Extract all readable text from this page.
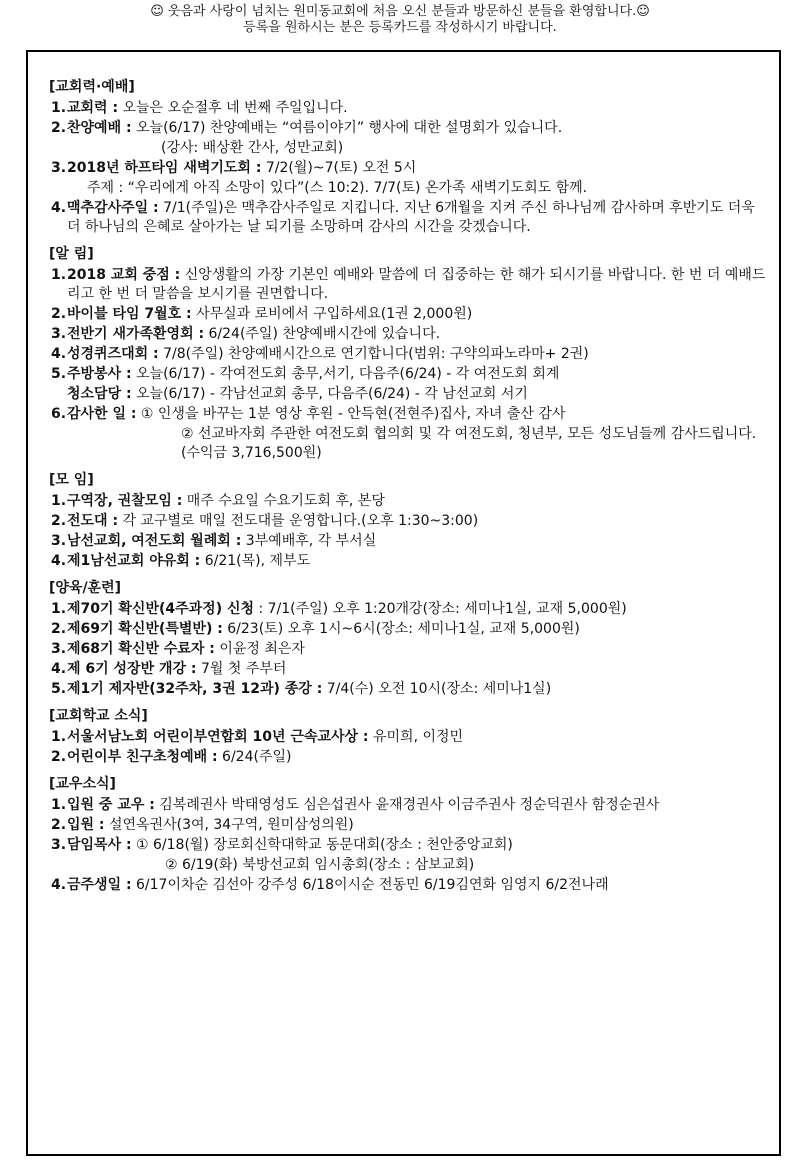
☺ 웃음과 사랑이 넘치는 원미동교회에 처음 오신 분들과 방문하신 분들을 환영합니다.☺
등록을 원하시는 분은 등록카드를 작성하시기 바랍니다.
[교회력·예배]
1. 교회력 : 오늘은 오순절후 네 번째 주일입니다.
2. 찬양예배 : 오늘(6/17) 찬양예배는 “여름이야기” 행사에 대한 설명회가 있습니다.
(강사: 배상환 간사, 성만교회)
3. 2018년 하프타임 새벽기도회 : 7/2(월)~7(토) 오전 5시
주제 : “우리에게 아직 소망이 있다”(스 10:2). 7/7(토) 온가족 새벽기도회도 함께.
4. 맥추감사주일 : 7/1(주일)은 맥추감사주일로 지킵니다. 지난 6개월을 지켜 주신 하나님께 감사하며 후반기도 더욱 더 하나님의 은혜로 살아가는 날 되기를 소망하며 감사의 시간을 갖겠습니다.
[알 림]
1. 2018 교회 중점 : 신앙생활의 가장 기본인 예배와 말씀에 더 집중하는 한 해가 되시기를 바랍니다. 한 번 더 예배드리고 한 번 더 말씀을 보시기를 권면합니다.
2. 바이블 타임 7월호 : 사무실과 로비에서 구입하세요(1권 2,000원)
3. 전반기 새가족환영회 : 6/24(주일) 찬양예배시간에 있습니다.
4. 성경퀴즈대회 : 7/8(주일) 찬양예배시간으로 연기합니다(범위: 구약의파노라마+ 2권)
5. 주방봉사 : 오늘(6/17) - 각여전도회 총무,서기, 다음주(6/24) - 각 여전도회 회계
청소담당 : 오늘(6/17) - 각남선교회 총무, 다음주(6/24) - 각 남선교회 서기
6. 감사한 일 : ① 인생을 바꾸는 1분 영상 후원 - 안득현(전현주)집사, 자녀 출산 감사
② 선교바자회 주관한 여전도회 협의회 및 각 여전도회, 청년부, 모든 성도님들께 감사드립니다.(수익금 3,716,500원)
[모 임]
1. 구역장, 권찰모임 : 매주 수요일 수요기도회 후, 본당
2. 전도대 : 각 교구별로 매일 전도대를 운영합니다.(오후 1:30~3:00)
3. 남선교회, 여전도회 월례회 : 3부예배후, 각 부서실
4. 제1남선교회 야유회 : 6/21(목), 제부도
[양육/훈련]
1. 제70기 확신반(4주과정) 신청 : 7/1(주일) 오후 1:20개강(장소: 세미나1실, 교재 5,000원)
2. 제69기 확신반(특별반) : 6/23(토) 오후 1시~6시(장소: 세미나1실, 교재 5,000원)
3. 제68기 확신반 수료자 : 이윤정 최은자
4. 제 6기 성장반 개강 : 7월 첫 주부터
5. 제1기 제자반(32주차, 3권 12과) 종강 : 7/4(수) 오전 10시(장소: 세미나1실)
[교회학교 소식]
1. 서울서남노회 어린이부연합회 10년 근속교사상 : 유미희, 이정민
2. 어린이부 친구초청예배 : 6/24(주일)
[교우소식]
1. 입원 중 교우 : 김복례권사 박태영성도 심은섭권사 윤재경권사 이금주권사 정순덕권사 함정순권사
2. 입원 : 설연옥권사(3여, 34구역, 원미삼성의원)
3. 담임목사 : ① 6/18(월) 장로회신학대학교 동문대회(장소 : 천안중앙교회)
② 6/19(화) 북방선교회 임시총회(장소 : 삼보교회)
4. 금주생일 : 6/17이차순 김선아 강주성 6/18이시순 전동민 6/19김연화 임영지 6/2전나래
